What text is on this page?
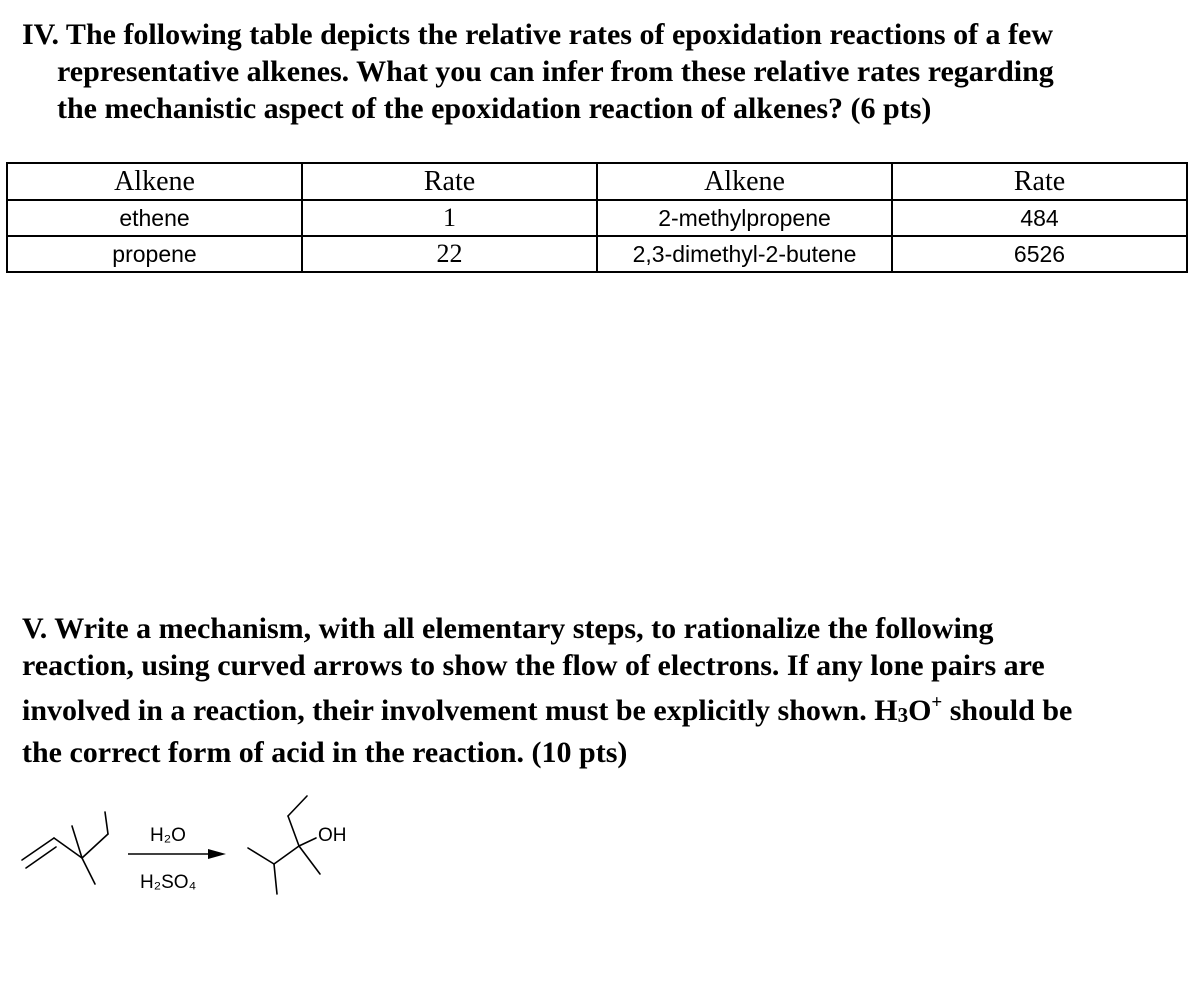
IV. The following table depicts the relative rates of epoxidation reactions of a few
representative alkenes. What you can infer from these relative rates regarding
the mechanistic aspect of the epoxidation reaction of alkenes? (6 pts)
Alkene	Rate	Alkene	Rate
ethene	1	2-methylpropene	484
propene	22	2,3-dimethyl-2-butene	6526
V. Write a mechanism, with all elementary steps, to rationalize the following
reaction, using curved arrows to show the flow of electrons. If any lone pairs are
involved in a reaction, their involvement must be explicitly shown. H3O+ should be
the correct form of acid in the reaction. (10 pts)
H₂O
H₂SO₄
OH
